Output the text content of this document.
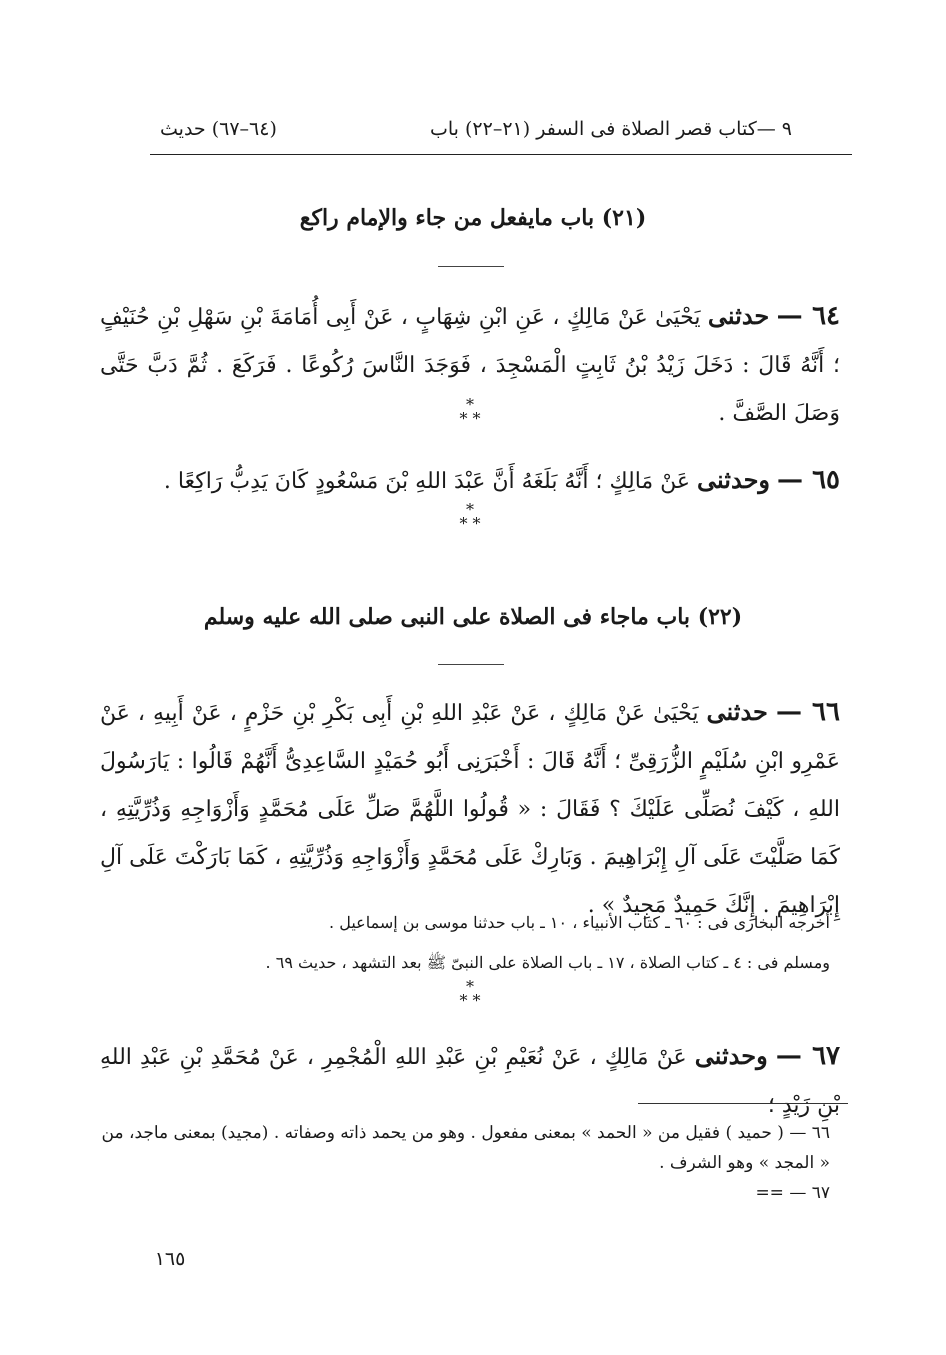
٩ —كتاب قصر الصلاة فى السفر (٢١–٢٢) باب
(٦٤–٦٧) حديث
(٢١) باب مايفعل من جاء والإمام راكع
٦٤ — حدثنى يَحْيَىٰ عَنْ مَالِكٍ ، عَنِ ابْنِ شِهَابٍ ، عَنْ أَبِى أُمَامَةَ بْنِ سَهْلِ بْنِ حُنَيْفٍ ؛ أَنَّهُ قَالَ : دَخَلَ زَيْدُ بْنُ ثَابِتٍ الْمَسْجِدَ ، فَوَجَدَ النَّاسَ رُكُوعًا . فَرَكَعَ . ثُمَّ دَبَّ حَتَّى وَصَلَ الصَّفَّ .
*
* *
٦٥ — وحدثنى عَنْ مَالِكٍ ؛ أَنَّهُ بَلَغَهُ أَنَّ عَبْدَ اللهِ بْنَ مَسْعُودٍ كَانَ يَدِبُّ رَاكِعًا .
*
* *
(٢٢) باب ماجاء فى الصلاة على النبى صلى الله عليه وسلم
٦٦ — حدثنى يَحْيَىٰ عَنْ مَالِكٍ ، عَنْ عَبْدِ اللهِ بْنِ أَبِى بَكْرِ بْنِ حَزْمٍ ، عَنْ أَبِيهِ ، عَنْ عَمْرِو ابْنِ سُلَيْمٍ الزُّرَقِىِّ ؛ أَنَّهُ قَالَ : أَخْبَرَنِى أَبُو حُمَيْدٍ السَّاعِدِىُّ أَنَّهُمْ قَالُوا : يَارَسُولَ اللهِ ، كَيْفَ نُصَلِّى عَلَيْكَ ؟ فَقَالَ : « قُولُوا اللَّهُمَّ صَلِّ عَلَى مُحَمَّدٍ وَأَزْوَاجِهِ وَذُرِّيَّتِهِ ، كَمَا صَلَّيْتَ عَلَى آلِ إِبْرَاهِيمَ . وَبَارِكْ عَلَى مُحَمَّدٍ وَأَزْوَاجِهِ وَذُرِّيَّتِهِ ، كَمَا بَارَكْتَ عَلَى آلِ إِبْرَاهِيمَ . إِنَّكَ حَمِيدٌ مَجِيدٌ » .
أخرجه البخارى فى : ٦٠ ـ كتاب الأنبياء ، ١٠ ـ باب حدثنا موسى بن إسماعيل .
ومسلم فى : ٤ ـ كتاب الصلاة ، ١٧ ـ باب الصلاة على النبىّ ﷺ بعد التشهد ، حديث ٦٩ .
*
* *
٦٧ — وحدثنى عَنْ مَالِكٍ ، عَنْ نُعَيْمِ بْنِ عَبْدِ اللهِ الْمُجْمِرِ ، عَنْ مُحَمَّدِ بْنِ عَبْدِ اللهِ بْنِ زَيْدٍ ؛

٦٦ — ( حميد ) فقيل من « الحمد » بمعنى مفعول . وهو من يحمد ذاته وصفاته . (مجيد) بمعنى ماجد، من « المجد » وهو الشرف .

٦٧ — ==

١٦٥
